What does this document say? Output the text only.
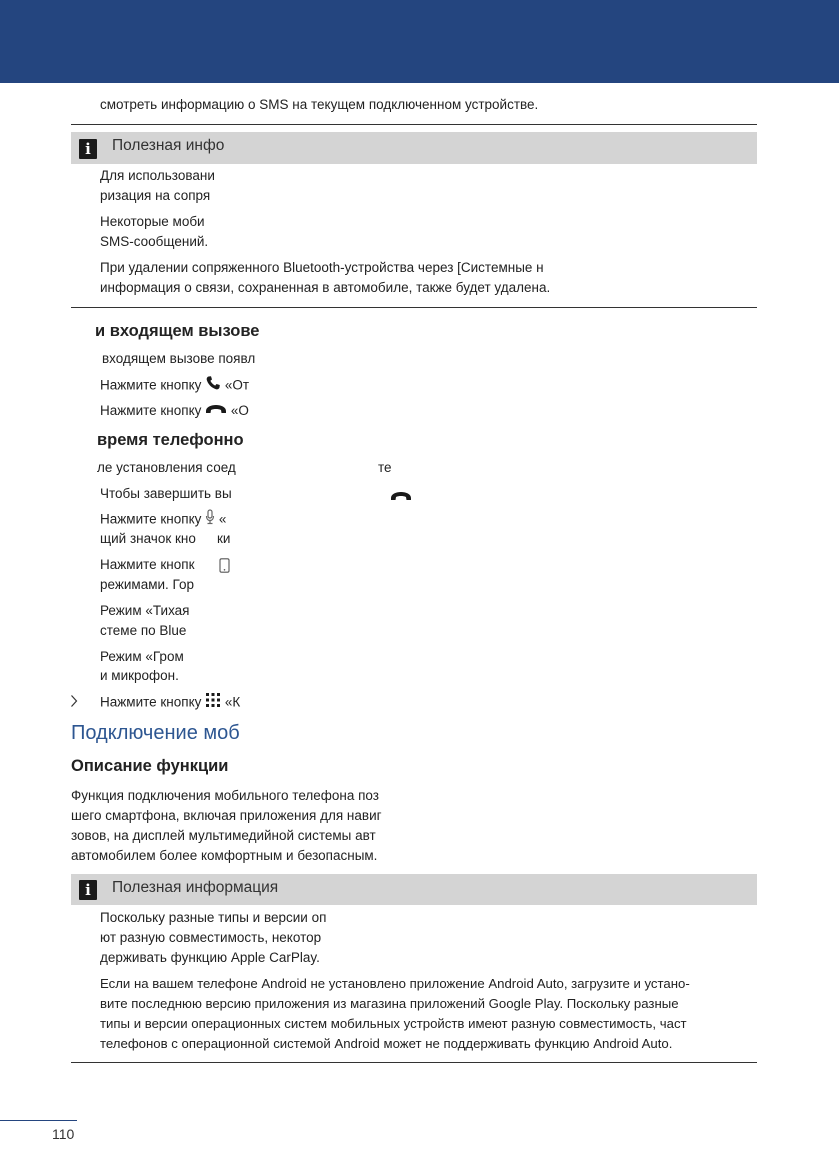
смотреть информацию о SMS на текущем подключенном устройстве.
i
Полезная инфо
Для использовани
ризация на сопря
Некоторые моби
SMS-сообщений.
При удалении сопряженного Bluetooth-устройства через [Системные н
информация о связи, сохраненная в автомобиле, также будет удалена.
и входящем вызове
входящем вызове появл
Нажмите кнопку «От
Нажмите кнопку «О
время телефонно
ле установления соед	те
Чтобы завершить вы
Нажмите кнопку «
щий значок кно ки
Нажмите кнопк
режимами. Гор
Режим «Тихая
стеме по Blue
Режим «Гром
и микрофон.
Нажмите кнопку «К
Подключение моб
Описание функции
Функция подключения мобильного телефона поз
шего смартфона, включая приложения для навиг
зовов, на дисплей мультимедийной системы авт
автомобилем более комфортным и безопасным.
i
Полезная информация
Поскольку разные типы и версии оп
ют разную совместимость, некотор
держивать функцию Apple CarPlay.
Если на вашем телефоне Android не установлено приложение Android Auto, загрузите и устано-
вите последнюю версию приложения из магазина приложений Google Play. Поскольку разные
типы и версии операционных систем мобильных устройств имеют разную совместимость, част
телефонов с операционной системой Android может не поддерживать функцию Android Auto.
110
